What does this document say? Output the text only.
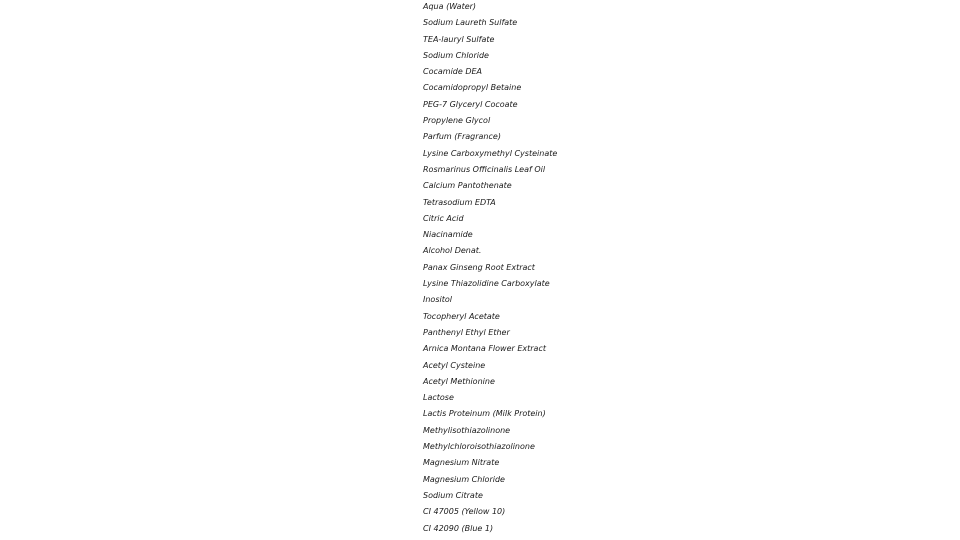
Aqua (Water)
Sodium Laureth Sulfate
TEA-lauryl Sulfate
Sodium Chloride
Cocamide DEA
Cocamidopropyl Betaine
PEG-7 Glyceryl Cocoate
Propylene Glycol
Parfum (Fragrance)
Lysine Carboxymethyl Cysteinate
Rosmarinus Officinalis Leaf Oil
Calcium Pantothenate
Tetrasodium EDTA
Citric Acid
Niacinamide
Alcohol Denat.
Panax Ginseng Root Extract
Lysine Thiazolidine Carboxylate
Inositol
Tocopheryl Acetate
Panthenyl Ethyl Ether
Arnica Montana Flower Extract
Acetyl Cysteine
Acetyl Methionine
Lactose
Lactis Proteinum (Milk Protein)
Methylisothiazolinone
Methylchloroisothiazolinone
Magnesium Nitrate
Magnesium Chloride
Sodium Citrate
CI 47005 (Yellow 10)
CI 42090 (Blue 1)
